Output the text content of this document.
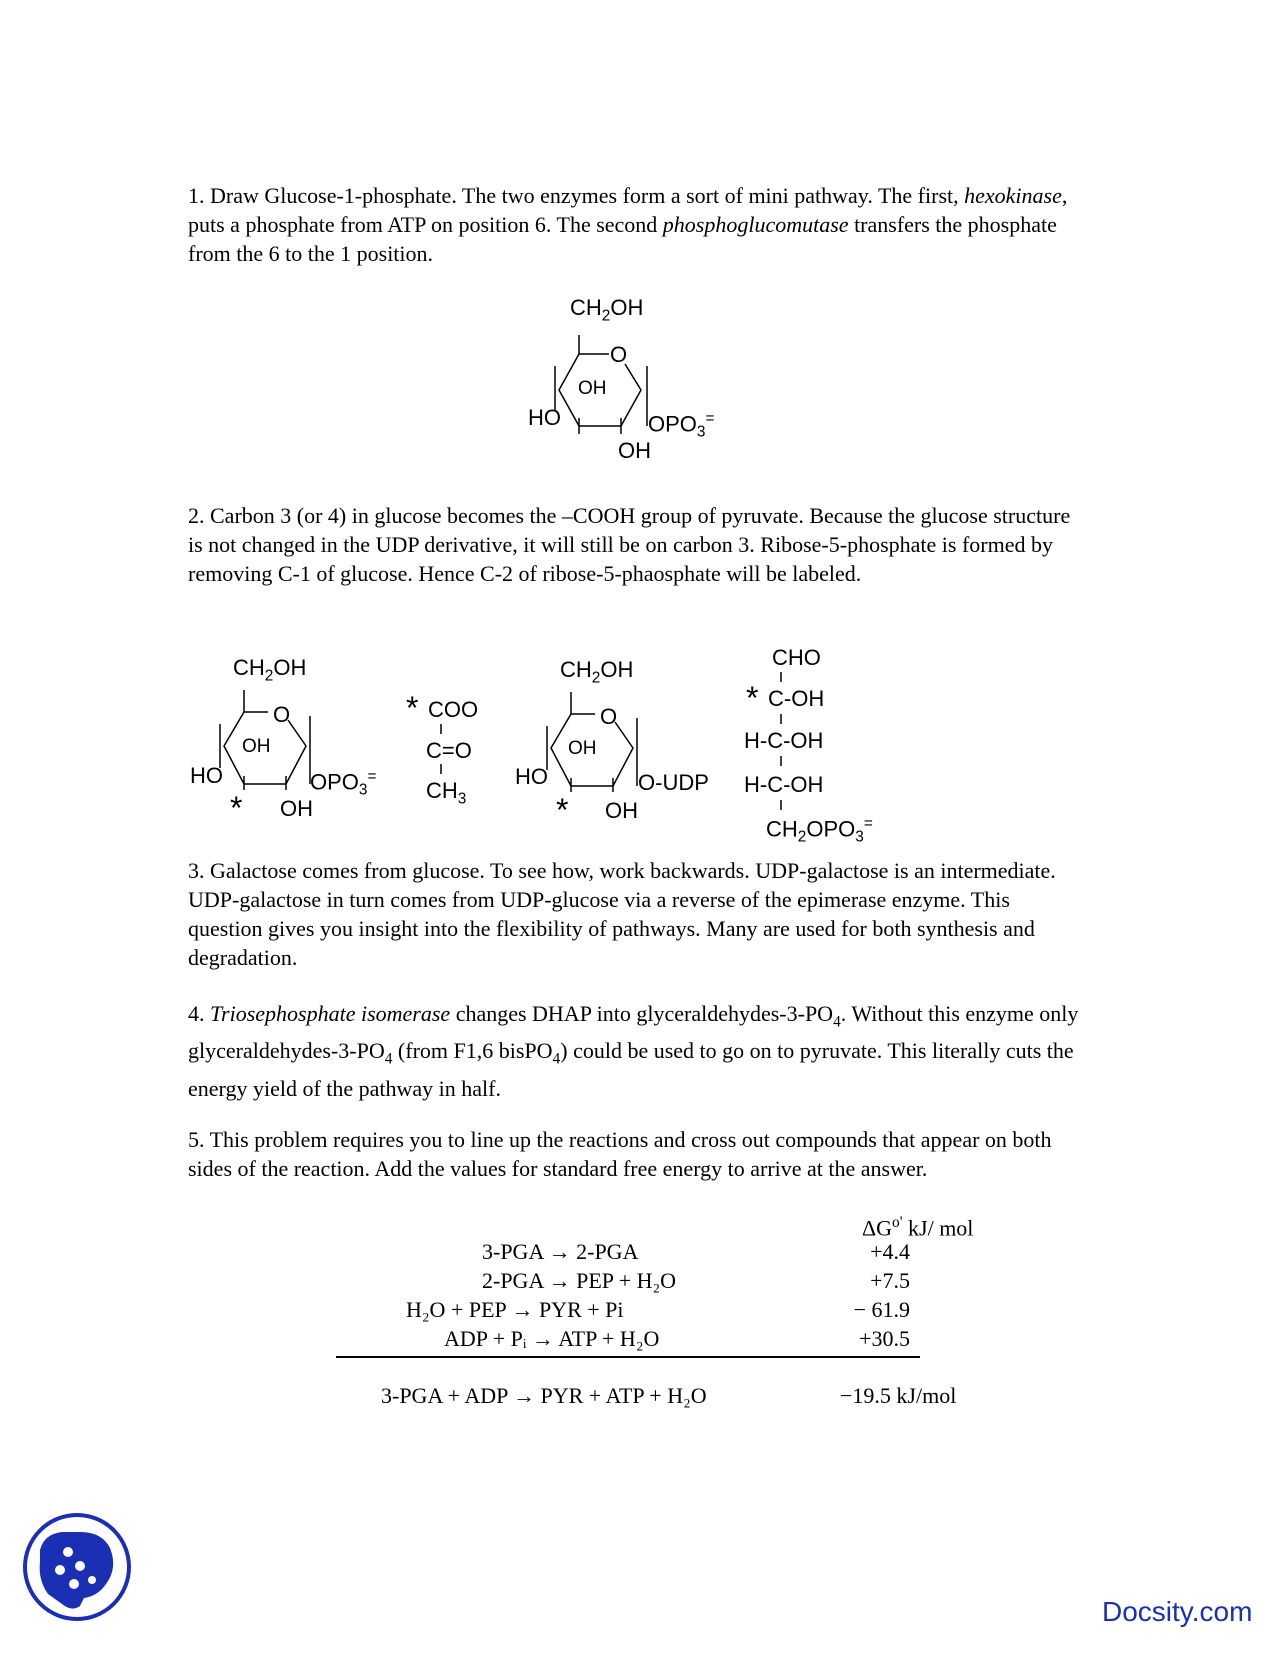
1. Draw Glucose-1-phosphate. The two enzymes form a sort of mini pathway. The first, hexokinase, puts a phosphate from ATP on position 6. The second phosphoglucomutase transfers the phosphate from the 6 to the 1 position.

$CH_2OH$
O
OH
HO	$OPO_3^=$
OH

2. Carbon 3 (or 4) in glucose becomes the –COOH group of pyruvate. Because the glucose structure is not changed in the UDP derivative, it will still be on carbon 3. Ribose-5-phosphate is formed by removing C-1 of glucose. Hence C-2 of ribose-5-phaosphate will be labeled.

$CH_2OH$
O
OH
HO	$OPO_3^=$
* OH
* COO
C=O
$CH_3$
$CH_2OH$
O
OH
HO	O-UDP
* OH
CHO
* C-OH
H-C-OH
H-C-OH
$CH_2OPO_3^=$

3. Galactose comes from glucose. To see how, work backwards. UDP-galactose is an intermediate. UDP-galactose in turn comes from UDP-glucose via a reverse of the epimerase enzyme. This question gives you insight into the flexibility of pathways. Many are used for both synthesis and degradation.

4. Triosephosphate isomerase changes DHAP into glyceraldehydes-$3-PO_4$. Without this enzyme only glyceraldehydes-$3-PO_4$ (from F1,6 bisPO$_4$) could be used to go on to pyruvate. This literally cuts the energy yield of the pathway in half.

5. This problem requires you to line up the reactions and cross out compounds that appear on both sides of the reaction. Add the values for standard free energy to arrive at the answer.

$\Delta G^{o'}$ kJ/ mol
3-PGA → 2-PGA	+4.4
2-PGA → PEP + H₂O	+7.5
H₂O + PEP → PYR + Pi	− 61.9
ADP + Pᵢ → ATP + H₂O	+30.5
3-PGA + ADP → PYR + ATP + H₂O	−19.5 kJ/mol
Docsity.com
